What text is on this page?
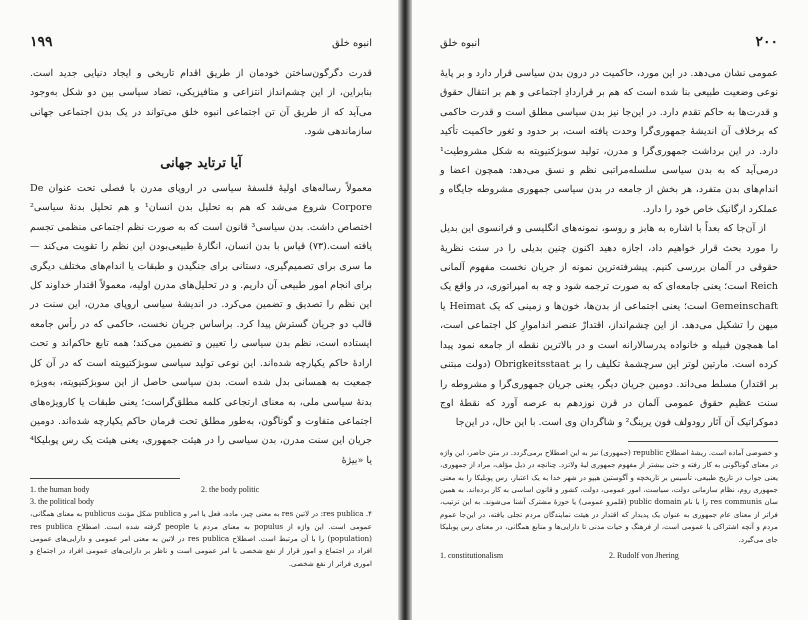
۱۹۹	انبوه خلق

قدرت دگرگون‌ساختن خودمان از طریق اقدام تاریخی و ایجاد دنیایی جدید است. بنابراین، از این چشم‌انداز انتزاعی و متافیزیکی، تضاد سیاسی بین دو شکل به‌وجود می‌آید که از طریق آن تن اجتماعی انبوه خلق می‌تواند در یک بدن اجتماعی جهانی سازماندهی شود.

آیا ترتاید جهانی

معمولاً رساله‌های اولیهٔ فلسفهٔ سیاسی در اروپای مدرن با فصلی تحت عنوان De Corpore شروع می‌شد که هم به تحلیل بدن انسان¹ و هم تحلیل بدنهٔ سیاسی² اختصاص داشت. بدن سیاسی³ قانون است که به صورت نظم اجتماعی منظمی تجسم یافته است.(۷۳) قیاس با بدن انسان، انگارهٔ طبیعی‌بودن این نظم را تقویت می‌کند — ما سری برای تصمیم‌گیری، دستانی برای جنگیدن و طبقات یا اندام‌های مختلف دیگری برای انجام امور طبیعی آن داریم. و در تحلیل‌های مدرن اولیه، معمولاً اقتدار خداوند کل این نظم را تصدیق و تضمین می‌کرد. در اندیشهٔ سیاسی اروپای مدرن، این سنت در قالب دو جریان گسترش پیدا کرد. براساس جریان نخست، حاکمی که در رأس جامعه ایستاده است، نظم بدن سیاسی را تعیین و تضمین می‌کند؛ همه تابع حاکم‌اند و تحت ارادهٔ حاکم یکپارچه شده‌اند. این نوعی تولید سیاسی سوبژکتیویته است که در آن کل جمعیت به همسانی بدل شده است. بدن سیاسی حاصل از این سوبژکتیویته، به‌ویژه بدنهٔ سیاسی ملی، به معنای ارتجاعی کلمه مطلق‌گراست؛ یعنی طبقات یا کارویژه‌های اجتماعی متفاوت و گوناگون، به‌طور مطلق تحت فرمان حاکم یکپارچه شده‌اند. دومین جریان این سنت مدرن، بدن سیاسی را در هیئت جمهوری، یعنی هیئت یک رس پوبلیکا⁴ یا «بیژهٔ

1. the human body	2. the body politic
3. the political body

۴. res publica: در لاتین res به معنی چیز، ماده، فعل یا امر و publica شکل مؤنث publicus به معنای همگانی، عمومی است. این واژه از populus به معنای مردم یا people گرفته شده است. اصطلاح res publica (population) را با آن مرتبط است. اصطلاح res publica در لاتین به معنی امر عمومی و دارایی‌های عمومی افراد در اجتماع و امور قرار از نفع شخصی با امر عمومی است و ناظر بر دارایی‌های عمومی افراد در اجتماع و اموری فراتر از نفع شخصی.

انبوه خلق	۲۰۰

عمومی نشان می‌دهد. در این مورد، حاکمیت در درون بدن سیاسی قرار دارد و بر پایهٔ نوعی وضعیت طبیعی بنا شده است که هم بر قراردادِ اجتماعی و هم بر انتقال حقوق و قدرت‌ها به حاکم تقدم دارد. در این‌جا نیز بدن سیاسی مطلق است و قدرت حاکمی که برخلاف آن اندیشهٔ جمهوری‌گرا وحدت یافته است، بر حدود و ثغور حاکمیت تأکید دارد. در این برداشت جمهوری‌گرا و مدرن، تولید سوبژکتیویته به شکل مشروطیت¹ درمی‌آید که به بدن سیاسی سلسله‌مراتبی نظم و نسق می‌دهد: همچون اعضا و اندام‌های بدن متفرد، هر بخش از جامعه در بدن سیاسی جمهوری مشروطه جایگاه و عملکرد ارگانیک خاص خود را دارد.

از آن‌جا که بعداً با اشاره به هابز و روسو، نمونه‌های انگلیسی و فرانسوی این بدیل را مورد بحث قرار خواهیم داد، اجازه دهید اکنون چنین بدیلی را در سنت نظریهٔ حقوقی در آلمان بررسی کنیم. پیشرفته‌ترین نمونه از جریان نخست مفهوم آلمانی Reich است؛ یعنی جامعه‌ای که به صورت ترجمه شود و چه به امپراتوری، در واقع یک Gemeinschaft است؛ یعنی اجتماعی از بدن‌ها، خون‌ها و زمینی که یک Heimat یا میهن را تشکیل می‌دهد. از این چشم‌انداز، اقتدارْ عنصر انداموارِ کل اجتماعی است، اما همچون قبیله و خانواده پدرسالارانه است و در بالاترین نقطه از جامعه نمود پیدا کرده است. مارتین لوتر این سرچشمهٔ تکلیف را بر Obrigkeitsstaat (دولت مبتنی بر اقتدار) مسلط می‌داند. دومین جریان دیگر، یعنی جریان جمهوری‌گرا و مشروطه را سنت عظیم حقوق عمومی آلمان در قرن نوزدهم به عرصه آورد که نقطهٔ اوج دموکراتیک آن آثار رودولف فون یرینگ² و شاگردان وی است. با این حال، در این‌جا

و خصوصی آماده است. ریشهٔ اصطلاح republic (جمهوری) نیز به این اصطلاح برمی‌گردد. در متن حاضر، این واژه در معنای گوناگونی به کار رفته و حتی بیشتر از مفهوم جمهوری لیهٔ ولاتزد. چنانچه در ذیل مؤلف، مراد از جمهوری، یعنی جواب در تاریخ طبیعی، تأسیس بر تاریخچه و آگوستین هیپو در شهر خدا به یک اعتبار، رس پوبلیکا را به معنی جمهوری روم، نظام سازمانی دولت، سیاست، امور عمومی، دولت، کشور و قانون اساسی به کار برده‌اند. به همین سان res communis را با نام public domain (قلمرو عمومی) یا حوزهٔ مشترک آشنا می‌شوند. به این ترتیب، فراتر از معنای عام جمهوری به عنوان یک پدیدار که اقتدار در هیئت نمایندگان مردم تجلی یافته، در این‌جا عموم مردم و آنچه اشتراکی یا عمومی است، از فرهنگ و حیات مدنی تا دارایی‌ها و منابع همگانی، در معنای رس پوبلیکا جای می‌گیرد.

1. constitutionalism	2. Rudolf von Jhering
